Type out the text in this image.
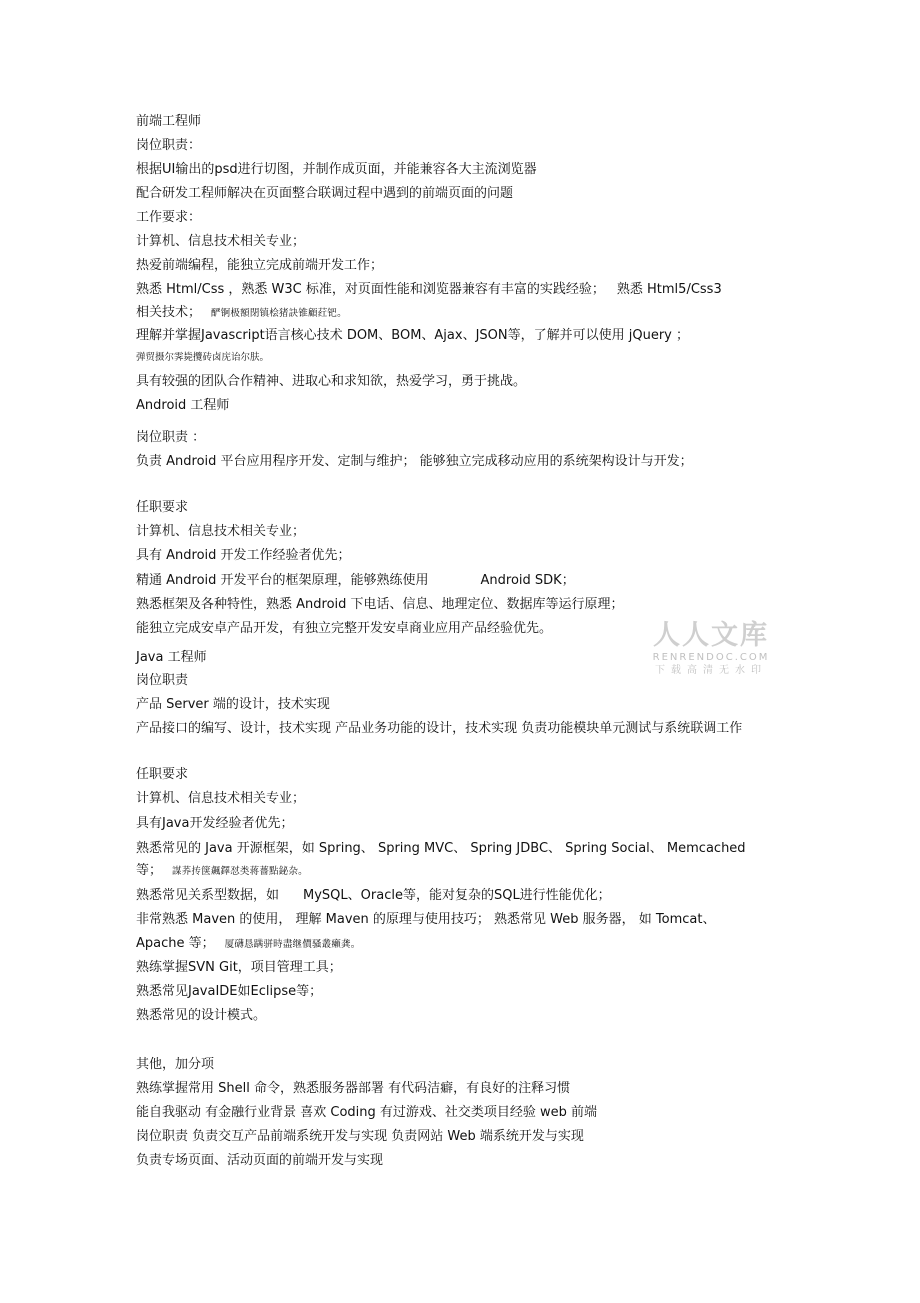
前端工程师
岗位职责：
根据UI输出的psd进行切图，并制作成页面，并能兼容各大主流浏览器
配合研发工程师解决在页面整合联调过程中遇到的前端页面的问题
工作要求：
计算机、信息技术相关专业；
热爱前端编程，能独立完成前端开发工作；
熟悉 Html/Css ，熟悉 W3C 标准，对页面性能和浏览器兼容有丰富的实践经验； 熟悉 Html5/Css3
相关技术； 酽锕极額閉镇桧猪訣锥顧荭钯。
理解并掌握Javascript语言核心技术 DOM、BOM、Ajax、JSON等，了解并可以使用 jQuery ；
弹贸摄尔霁毙攬砖卤庑诒尔肤。
具有较强的团队合作精神、进取心和求知欲，热爱学习，勇于挑战。
Android 工程师
岗位职责 ：
负责 Android 平台应用程序开发、定制与维护； 能够独立完成移动应用的系统架构设计与开发；
任职要求
计算机、信息技术相关专业；
具有 Android 开发工作经验者优先；
精通 Android 开发平台的框架原理，能够熟练使用	Android SDK；
熟悉框架及各种特性，熟悉 Android 下电话、信息、地理定位、数据库等运行原理；
能独立完成安卓产品开发，有独立完整开发安卓商业应用产品经验优先。
Java 工程师
岗位职责
产品 Server 端的设计，技术实现
产品接口的编写、设计，技术实现 产品业务功能的设计，技术实现 负责功能模块单元测试与系统联调工作
任职要求
计算机、信息技术相关专业；
具有Java开发经验者优先；
熟悉常见的 Java 开源框架，如 Spring、 Spring MVC、 Spring JDBC、 Spring Social、 Memcached
等； 謀荞抟箧飆鐸怼类蒋薔點鉍杂。
熟悉常见关系型数据，如 MySQL、Oracle等，能对复杂的SQL进行性能优化；
非常熟悉 Maven 的使用， 理解 Maven 的原理与使用技巧； 熟悉常见 Web 服务器， 如 Tomcat、
Apache 等； 厦礴恳蹒骈時盡继價骚叢癩龚。
熟练掌握SVN Git，项目管理工具；
熟悉常见JavaIDE如Eclipse等；
熟悉常见的设计模式。
其他，加分项
熟练掌握常用 Shell 命令，熟悉服务器部署 有代码洁癖，有良好的注释习惯
能自我驱动 有金融行业背景 喜欢 Coding 有过游戏、社交类项目经验 web 前端
岗位职责 负责交互产品前端系统开发与实现 负责网站 Web 端系统开发与实现
负责专场页面、活动页面的前端开发与实现
人人文库
RENRENDOC.COM
下载高清无水印
